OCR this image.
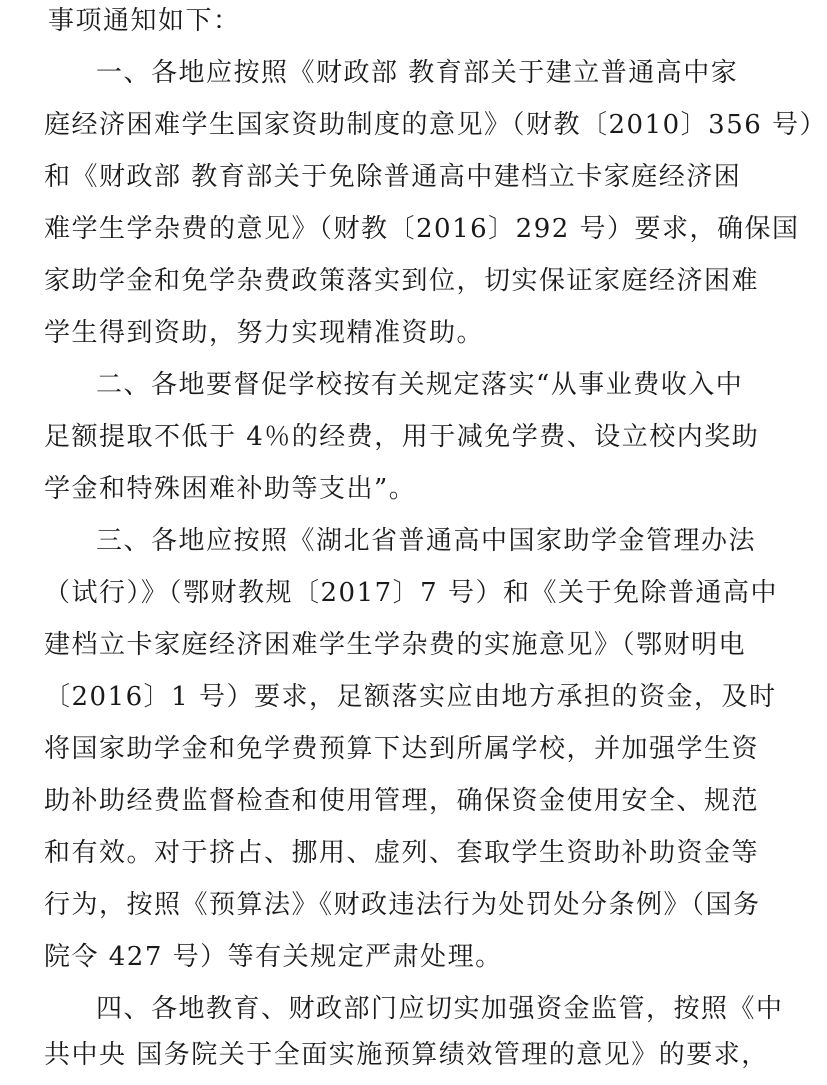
事项通知如下：
一、各地应按照《财政部 教育部关于建立普通高中家
庭经济困难学生国家资助制度的意见》（财教〔2010〕356 号）
和《财政部 教育部关于免除普通高中建档立卡家庭经济困
难学生学杂费的意见》（财教〔2016〕292 号）要求，确保国
家助学金和免学杂费政策落实到位，切实保证家庭经济困难
学生得到资助，努力实现精准资助。
二、各地要督促学校按有关规定落实“从事业费收入中
足额提取不低于 4％的经费，用于减免学费、设立校内奖助
学金和特殊困难补助等支出”。
三、各地应按照《湖北省普通高中国家助学金管理办法
（试行）》（鄂财教规〔2017〕7 号）和《关于免除普通高中
建档立卡家庭经济困难学生学杂费的实施意见》（鄂财明电
〔2016〕1 号）要求，足额落实应由地方承担的资金，及时
将国家助学金和免学费预算下达到所属学校，并加强学生资
助补助经费监督检查和使用管理，确保资金使用安全、规范
和有效。对于挤占、挪用、虚列、套取学生资助补助资金等
行为，按照《预算法》《财政违法行为处罚处分条例》（国务
院令 427 号）等有关规定严肃处理。
四、各地教育、财政部门应切实加强资金监管，按照《中
共中央 国务院关于全面实施预算绩效管理的意见》的要求，
